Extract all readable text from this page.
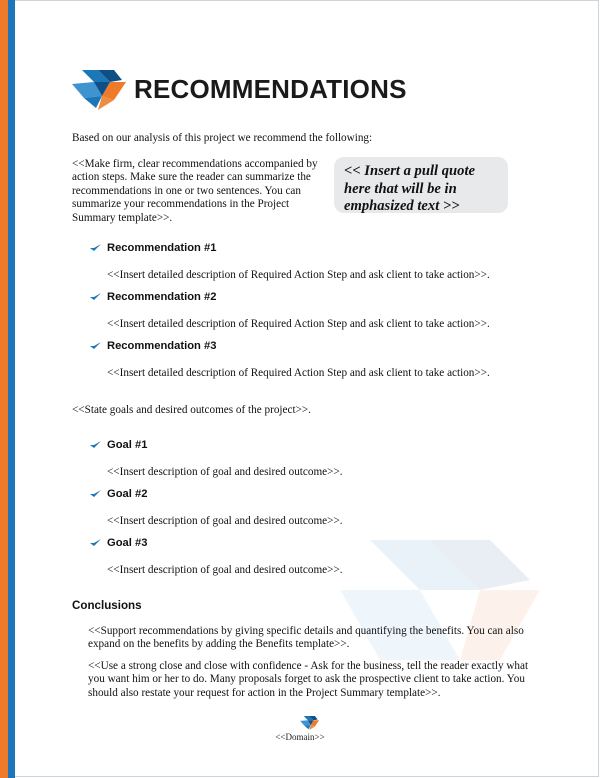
RECOMMENDATIONS

Based on our analysis of this project we recommend the following:

<<Make firm, clear recommendations accompanied by action steps. Make sure the reader can summarize the recommendations in one or two sentences. You can summarize your recommendations in the Project Summary template>>.

<< Insert a pull quote here that will be in emphasized text >>
Recommendation #1

<<Insert detailed description of Required Action Step and ask client to take action>>.

Recommendation #2

<<Insert detailed description of Required Action Step and ask client to take action>>.

Recommendation #3

<<Insert detailed description of Required Action Step and ask client to take action>>.

<<State goals and desired outcomes of the project>>.

Goal #1

<<Insert description of goal and desired outcome>>.

Goal #2

<<Insert description of goal and desired outcome>>.

Goal #3

<<Insert description of goal and desired outcome>>.

Conclusions

<<Support recommendations by giving specific details and quantifying the benefits. You can also expand on the benefits by adding the Benefits template>>.

<<Use a strong close and close with confidence - Ask for the business, tell the reader exactly what you want him or her to do. Many proposals forget to ask the prospective client to take action. You should also restate your request for action in the Project Summary template>>.

<<Domain>>
